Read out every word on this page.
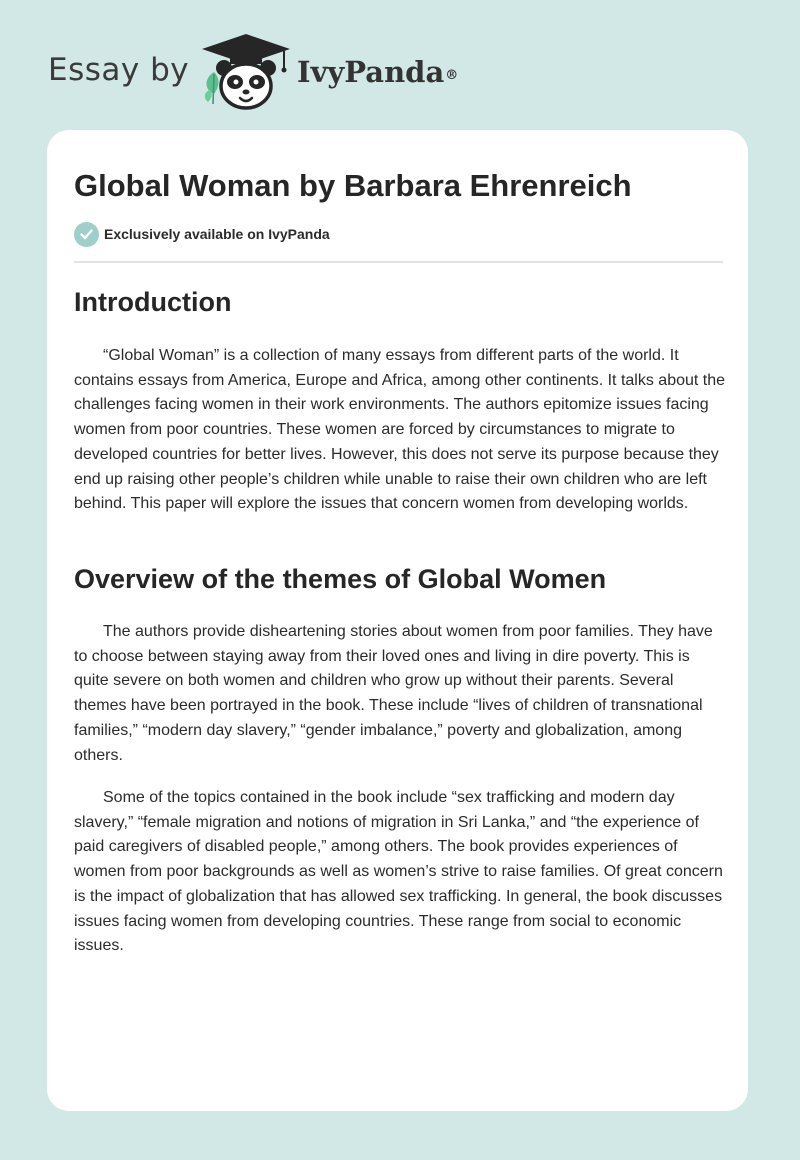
Essay by	IvyPanda®
Global Woman by Barbara Ehrenreich
Exclusively available on IvyPanda
Introduction

“Global Woman” is a collection of many essays from different parts of the world. It contains essays from America, Europe and Africa, among other continents. It talks about the challenges facing women in their work environments. The authors epitomize issues facing women from poor countries. These women are forced by circumstances to migrate to developed countries for better lives. However, this does not serve its purpose because they end up raising other people’s children while unable to raise their own children who are left behind. This paper will explore the issues that concern women from developing worlds.

Overview of the themes of Global Women

The authors provide disheartening stories about women from poor families. They have to choose between staying away from their loved ones and living in dire poverty. This is quite severe on both women and children who grow up without their parents. Several themes have been portrayed in the book. These include “lives of children of transnational families,” “modern day slavery,” “gender imbalance,” poverty and globalization, among others.

Some of the topics contained in the book include “sex trafficking and modern day slavery,” “female migration and notions of migration in Sri Lanka,” and “the experience of paid caregivers of disabled people,” among others. The book provides experiences of women from poor backgrounds as well as women’s strive to raise families. Of great concern is the impact of globalization that has allowed sex trafficking. In general, the book discusses issues facing women from developing countries. These range from social to economic issues.
